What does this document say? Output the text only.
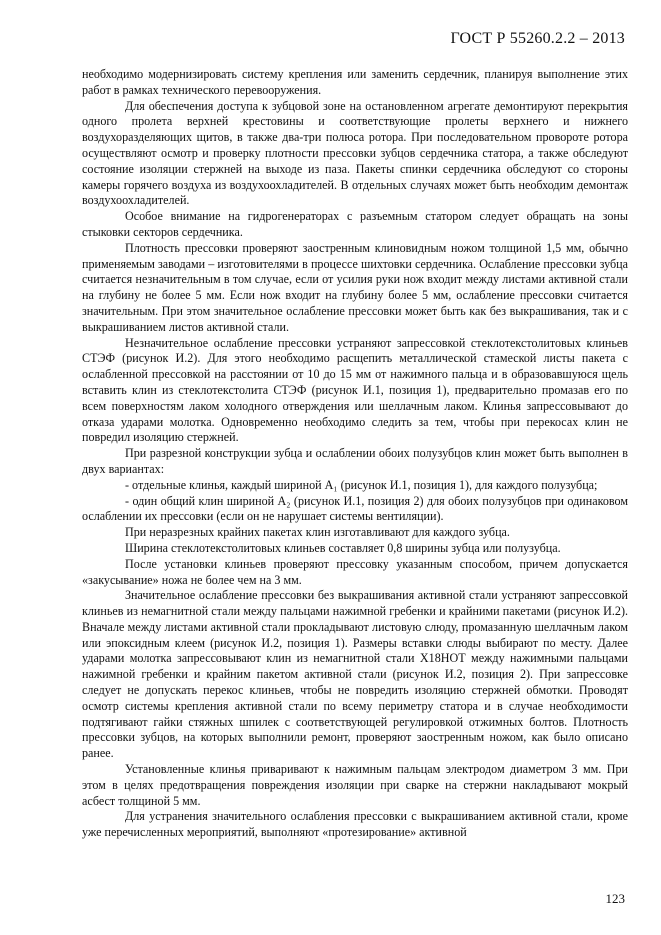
ГОСТ Р 55260.2.2 – 2013

необходимо модернизировать систему крепления или заменить сердечник, планируя выполнение этих работ в рамках технического перевооружения.

Для обеспечения доступа к зубцовой зоне на остановленном агрегате демонтируют перекрытия одного пролета верхней крестовины и соответствующие пролеты верхнего и нижнего воздухоразделяющих щитов, в также два-три полюса ротора. При последовательном провороте ротора осуществляют осмотр и проверку плотности прессовки зубцов сердечника статора, а также обследуют состояние изоляции стержней на выходе из паза. Пакеты спинки сердечника обследуют со стороны камеры горячего воздуха из воздухоохладителей. В отдельных случаях может быть необходим демонтаж воздухоохладителей.

Особое внимание на гидрогенераторах с разъемным статором следует обращать на зоны стыковки секторов сердечника.

Плотность прессовки проверяют заостренным клиновидным ножом толщиной 1,5 мм, обычно применяемым заводами – изготовителями в процессе шихтовки сердечника. Ослабление прессовки зубца считается незначительным в том случае, если от усилия руки нож входит между листами активной стали на глубину не более 5 мм. Если нож входит на глубину более 5 мм, ослабление прессовки считается значительным. При этом значительное ослабление прессовки может быть как без выкрашивания, так и с выкрашиванием листов активной стали.

Незначительное ослабление прессовки устраняют запрессовкой стеклотекстолитовых клиньев СТЭФ (рисунок И.2). Для этого необходимо расщепить металлической стамеской листы пакета с ослабленной прессовкой на расстоянии от 10 до 15 мм от нажимного пальца и в образовавшуюся щель вставить клин из стеклотекстолита СТЭФ (рисунок И.1, позиция 1), предварительно промазав его по всем поверхностям лаком холодного отверждения или шеллачным лаком. Клинья запрессовывают до отказа ударами молотка. Одновременно необходимо следить за тем, чтобы при перекосах клин не повредил изоляцию стержней.

При разрезной конструкции зубца и ослаблении обоих полузубцов клин может быть выполнен в двух вариантах:

- отдельные клинья, каждый шириной А₁ (рисунок И.1, позиция 1), для каждого полузубца;

- один общий клин шириной А₂ (рисунок И.1, позиция 2) для обоих полузубцов при одинаковом ослаблении их прессовки (если он не нарушает системы вентиляции).

При неразрезных крайних пакетах клин изготавливают для каждого зубца.

Ширина стеклотекстолитовых клиньев составляет 0,8 ширины зубца или полузубца.

После установки клиньев проверяют прессовку указанным способом, причем допускается «закусывание» ножа не более чем на 3 мм.

Значительное ослабление прессовки без выкрашивания активной стали устраняют запрессовкой клиньев из немагнитной стали между пальцами нажимной гребенки и крайними пакетами (рисунок И.2). Вначале между листами активной стали прокладывают листовую слюду, промазанную шеллачным лаком или эпоксидным клеем (рисунок И.2, позиция 1). Размеры вставки слюды выбирают по месту. Далее ударами молотка запрессовывают клин из немагнитной стали Х18НОТ между нажимными пальцами нажимной гребенки и крайним пакетом активной стали (рисунок И.2, позиция 2). При запрессовке следует не допускать перекос клиньев, чтобы не повредить изоляцию стержней обмотки. Проводят осмотр системы крепления активной стали по всему периметру статора и в случае необходимости подтягивают гайки стяжных шпилек с соответствующей регулировкой отжимных болтов. Плотность прессовки зубцов, на которых выполнили ремонт, проверяют заостренным ножом, как было описано ранее.

Установленные клинья приваривают к нажимным пальцам электродом диаметром 3 мм. При этом в целях предотвращения повреждения изоляции при сварке на стержни накладывают мокрый асбест толщиной 5 мм.

Для устранения значительного ослабления прессовки с выкрашиванием активной стали, кроме уже перечисленных мероприятий, выполняют «протезирование» активной

123
